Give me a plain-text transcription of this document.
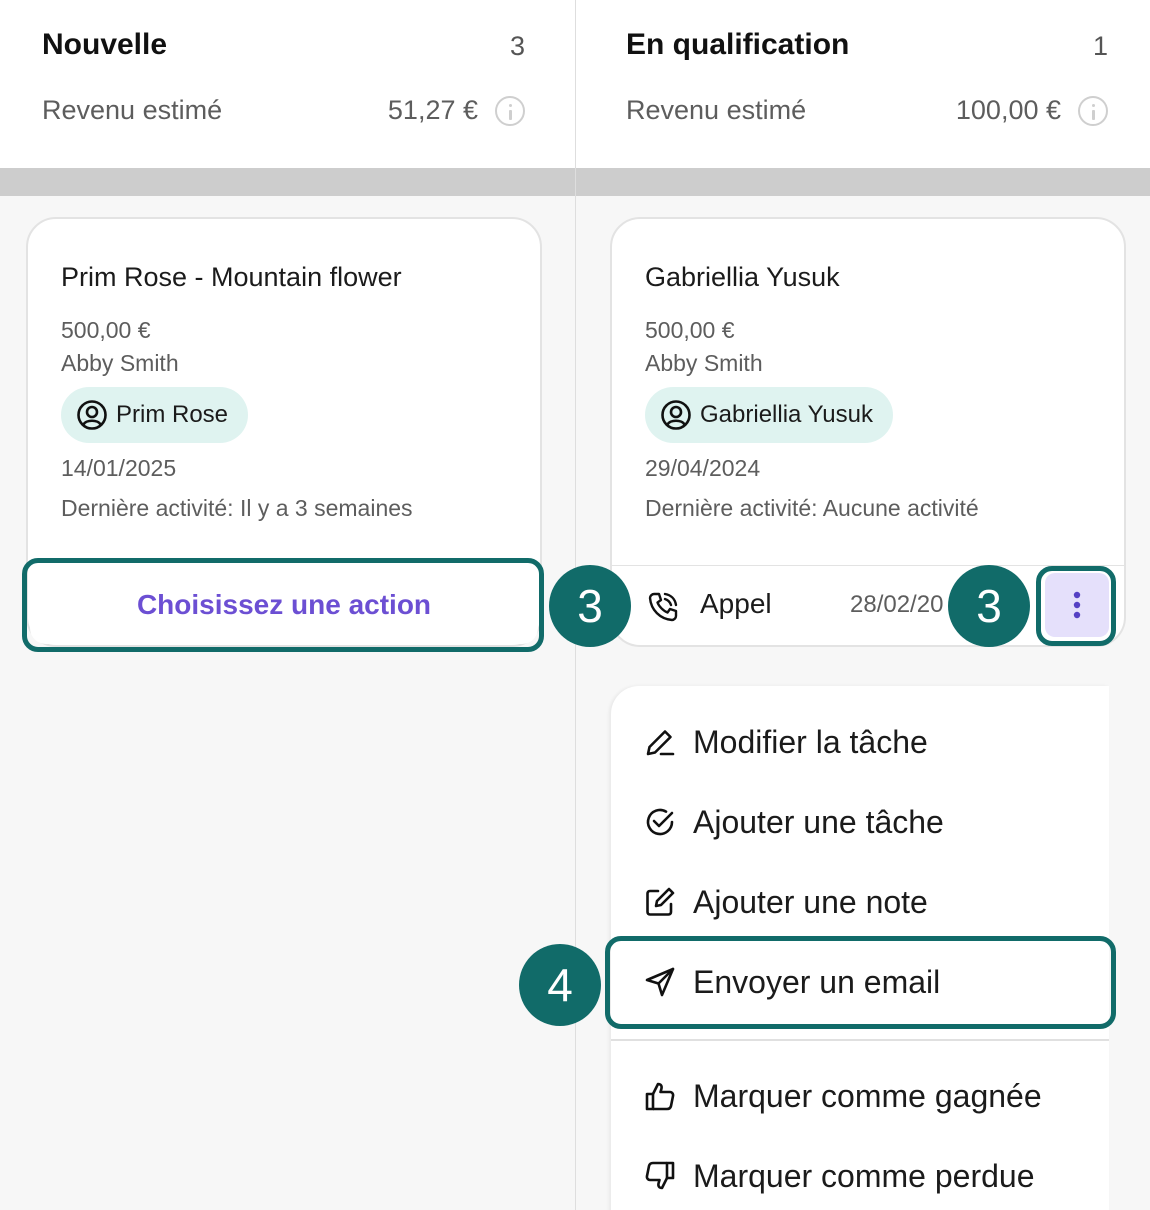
Nouvelle	3
Revenu estimé	51,27 €
Prim Rose - Mountain flower
500,00 €
Abby Smith
Prim Rose
14/01/2025
Dernière activité: Il y a 3 semaines
En qualification	1
Revenu estimé	100,00 €
Gabriellia Yusuk
500,00 €
Abby Smith
Gabriellia Yusuk
29/04/2024
Dernière activité: Aucune activité
Appel	28/02/20
Choisissez une action	3	3
Modifier la tâche
Ajouter une tâche
Ajouter une note
Envoyer un email
Marquer comme gagnée
Marquer comme perdue
4
